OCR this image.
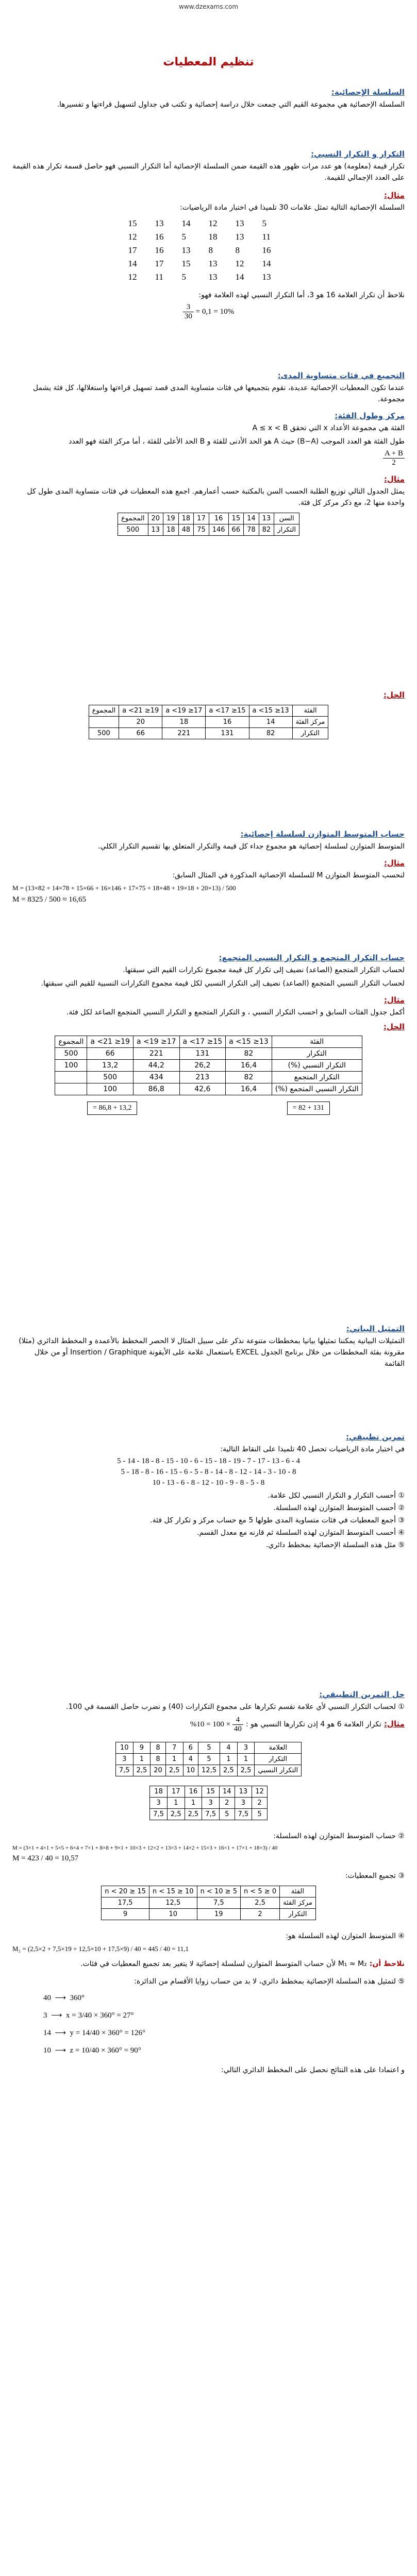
www.dzexams.com
تنظيم المعطيات

السلسلة الإحصائية:

السلسلة الإحصائية هي مجموعة القيم التي جمعت خلال دراسة إحصائية و تكتب في جداول لتسهيل قراءتها و تفسيرها.

التكرار و التكرار النسبي:

تكرار قيمة (معلومة) هو عدد مرات ظهور هذه القيمة ضمن السلسلة الإحصائية أما التكرار النسبي فهو حاصل قسمة تكرار هذه القيمة على العدد الإجمالي للقيمة.

مثال:

السلسلة الإحصائية التالية تمثل علامات 30 تلميذا في اختبار مادة الرياضيات:

15	13	14	12	13	5
12	16	5	18	13	11
17	16	13	8	8	16
14	17	15	13	12	14
12	11	5	13	14	13

نلاحظ أن تكرار العلامة 16 هو 3، أما التكرار النسبي لهذه العلامة فهو:

$\frac{3}{30} = 0,1 = 10\%$

التجميع في فئات متساوية المدى:

عندما تكون المعطيات الإحصائية عديدة، نقوم بتجميعها في فئات متساوية المدى قصد تسهيل قراءتها واستغلالها، كل فئة يشمل مجموعة.

مركز وطول الفئة:

الفئة هي مجموعة الأعداد x التي تحقق A ≤ x < B

طول الفئة هو العدد الموجب (B−A) حيث A هو الحد الأدنى للفئة و B الحد الأعلى للفئة ، أما مركز الفئة فهو العدد

$\frac{A + B}{2}$

مثال:

يمثل الجدول التالي توزيع الطلبة الحسب السن بالمكتبة حسب أعمارهم. اجمع هذه المعطيات في فئات متساوية المدى طول كل واحدة منها 2، مع ذكر مركز كل فئة.

السن	13	14	15	16	17	18	19	20	المجموع
التكرار	82	78	66	146	75	48	18	13	500

الحل:

الفئة	13≤ a <15	15≤ a <17	17≤ a <19	19≤ a <21	المجموع
مركز الفئة	14	16	18	20	
التكرار	82	131	221	66	500

حساب المتوسط المتوازن لسلسلة إحصائية:

المتوسط المتوازن لسلسلة إحصائية هو مجموع جداء كل قيمة والتكرار المتعلق بها تقسيم التكرار الكلي.

مثال:

لنحسب المتوسط المتوازن M للسلسلة الإحصائية المذكورة في المثال السابق:

M = (13×82 + 14×78 + 15×66 + 16×146 + 17×75 + 18×48 + 19×18 + 20×13) / 500

M = 8325 / 500 ≈ 16,65

حساب التكرار المتجمع و التكرار النسبي المتجمع:

لحساب التكرار المتجمع (الصاعد) نضيف إلى تكرار كل قيمة مجموع تكرارات القيم التي سبقتها.

لحساب التكرار النسبي المتجمع (الصاعد) نضيف إلى التكرار النسبي لكل قيمة مجموع التكرارات النسبية للقيم التي سبقتها.

مثال:

أكمل جدول الفئات السابق و احسب التكرار النسبي ، و التكرار المتجمع و التكرار النسبي المتجمع الصاعد لكل فئة.

الحل:

الفئة	13≤ a <15	15≤ a <17	17≤ a <19	19≤ a <21	المجموع
التكرار	82	131	221	66	500
التكرار النسبي (%)	16,4	26,2	44,2	13,2	100
التكرار المتجمع	82	213	434	500	
التكرار النسبي المتجمع (%)	16,4	42,6	86,8	100	
= 86,8 + 13,2	= 82 + 131

التمثيل البياني:

التمثيلات البيانية يمكننا تمثيلها بيانيا بمخططات متنوعة نذكر على سبيل المثال لا الحصر المخطط بالأعمدة و المخطط الدائري (مثلا) مقرونة بفئة المخططات من خلال برنامج الجدول EXCEL باستعمال علامة على الأيقونة Insertion / Graphique أو من خلال القائمة

تمرين تطبيقي:

في اختبار مادة الرياضيات تحصل 40 تلميذا على النقاط التالية:

5 - 14 - 18 - 8 - 15 - 10 - 6 - 15 - 18 - 19 - 7 - 17 - 13 - 6 - 4

5 - 18 - 8 - 16 - 15 - 6 - 5 - 8 - 14 - 8 - 12 - 14 - 3 - 10 - 8

10 - 13 - 6 - 8 - 12 - 10 - 9 - 8 - 5 - 8

① أحسب التكرار و التكرار النسبي لكل علامة.
② أحسب المتوسط المتوازن لهذه السلسلة.
③ أجمع المعطيات في فئات متساوية المدى طولها 5 مع حساب مركز و تكرار كل فئة.
④ أحسب المتوسط المتوازن لهذه السلسلة ثم قارنه مع معدل القسم.
⑤ مثل هذه السلسلة الإحصائية بمخطط دائري.

حل التمرين التطبيقي:

① لحساب التكرار النسبي لأي علامة نقسم تكرارها على مجموع التكرارات (40) و نضرب حاصل القسمة في 100.

مثال: تكرار العلامة 6 هو 4 إذن تكرارها النسبي هو :
$\frac{4}{40}$
× 100 = 10%

العلامة	3	4	5	6	7	8	9	10
التكرار	1	1	5	4	1	8	1	3
التكرار النسبي	2,5	2,5	12,5	10	2,5	20	2,5	7,5
12	13	14	15	16	17	18
2	3	2	3	1	1	3
5	7,5	5	7,5	2,5	2,5	7,5

② حساب المتوسط المتوازن لهذه السلسلة:

M = (3×1 + 4×1 + 5×5 + 6×4 + 7×1 + 8×8 + 9×1 + 10×3 + 12×2 + 13×3 + 14×2 + 15×3 + 16×1 + 17×1 + 18×3) / 40

M = 423 / 40 = 10,57

③ تجميع المعطيات:

الفئة	0 ≤ n < 5	5 ≤ n < 10	10 ≤ n < 15	15 ≤ n < 20
مركز الفئة	2,5	7,5	12,5	17,5
التكرار	2	19	10	9

④ المتوسط المتوازن لهذه السلسلة هو:

M₂ = (2,5×2 + 7,5×19 + 12,5×10 + 17,5×9) / 40 = 445 / 40 = 11,1

نلاحظ أن: M₁ ≈ M₂ لأن حساب المتوسط المتوازن لسلسلة إحصائية لا يتغير بعد تجميع المعطيات في فئات.

⑤ لتمثيل هذه السلسلة الإحصائية بمخطط دائري، لا بد من حساب زوايا الأقسام من الدائرة:

40  ⟶  360°
3  ⟶  x = 3/40 × 360° = 27°
14  ⟶  y = 14/40 × 360° = 126°
10  ⟶  z = 10/40 × 360° = 90°

و اعتمادا على هذه النتائج نحصل على المخطط الدائري التالي:
